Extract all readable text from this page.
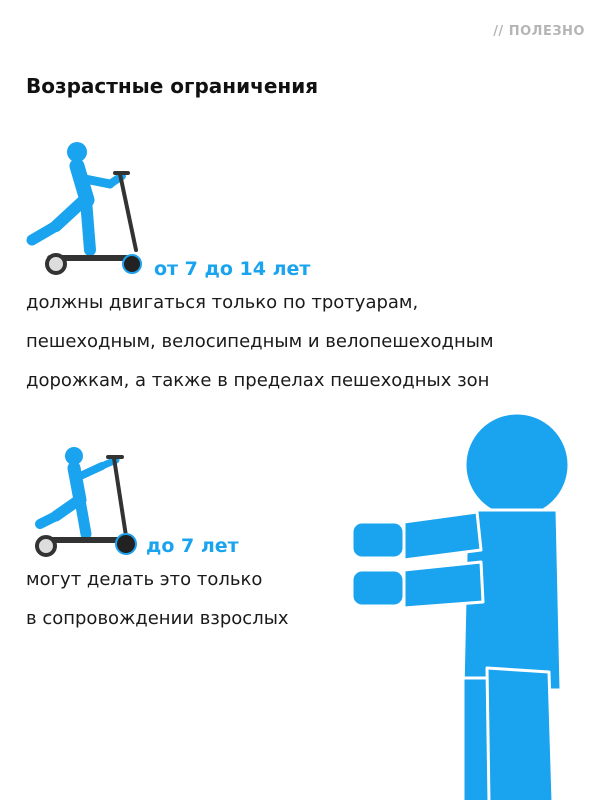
// ПОЛЕЗНО
Возрастные ограничения
от 7 до 14 лет
должны двигаться только по тротуарам,
пешеходным, велосипедным и велопешеходным
дорожкам, а также в пределах пешеходных зон
до 7 лет
могут делать это только
в сопровождении взрослых
